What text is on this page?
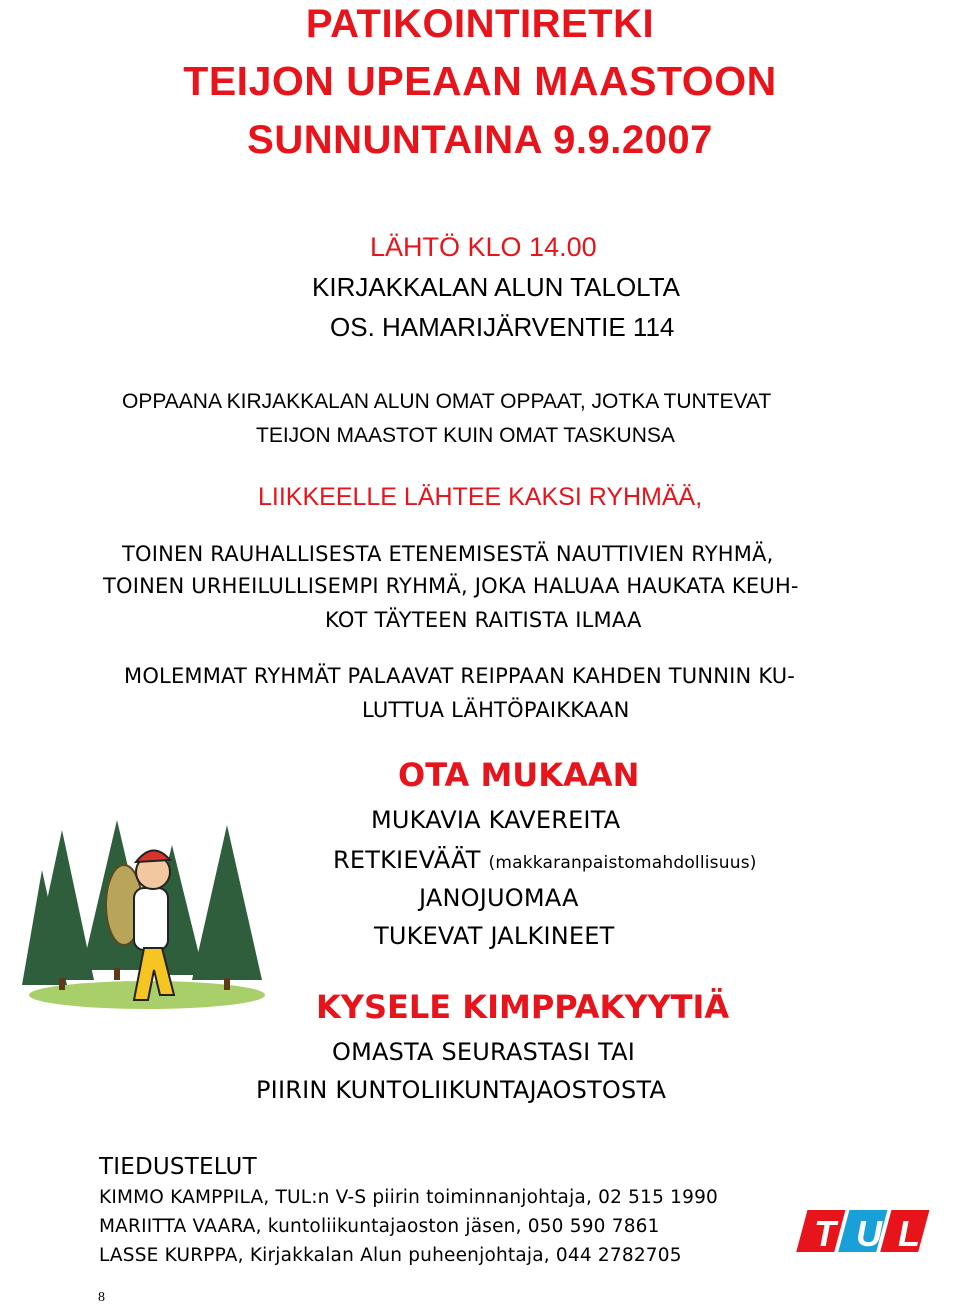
PATIKOINTIRETKI
TEIJON UPEAAN MAASTOON
SUNNUNTAINA 9.9.2007
LÄHTÖ KLO 14.00
KIRJAKKALAN ALUN TALOLTA
OS. HAMARIJÄRVENTIE 114
OPPAANA KIRJAKKALAN ALUN OMAT OPPAAT, JOTKA TUNTEVAT
TEIJON MAASTOT KUIN OMAT TASKUNSA
LIIKKEELLE LÄHTEE KAKSI RYHMÄÄ,
TOINEN RAUHALLISESTA ETENEMISESTÄ NAUTTIVIEN RYHMÄ,
TOINEN URHEILULLISEMPI RYHMÄ, JOKA HALUAA HAUKATA KEUH-
KOT TÄYTEEN RAITISTA ILMAA
MOLEMMAT RYHMÄT PALAAVAT REIPPAAN KAHDEN TUNNIN KU-
LUTTUA LÄHTÖPAIKKAAN
OTA MUKAAN
MUKAVIA KAVEREITA
RETKIEVÄÄT (makkaranpaistomahdollisuus)
JANOJUOMAA
TUKEVAT JALKINEET
KYSELE KIMPPAKYYTIÄ
OMASTA SEURASTASI TAI
PIIRIN KUNTOLIIKUNTAJAOSTOSTA
TIEDUSTELUT
KIMMO KAMPPILA, TUL:n V-S piirin toiminnanjohtaja, 02 515 1990
MARIITTA VAARA, kuntoliikuntajaoston jäsen, 050 590 7861
LASSE KURPPA, Kirjakkalan Alun puheenjohtaja, 044 2782705
8
T U L
